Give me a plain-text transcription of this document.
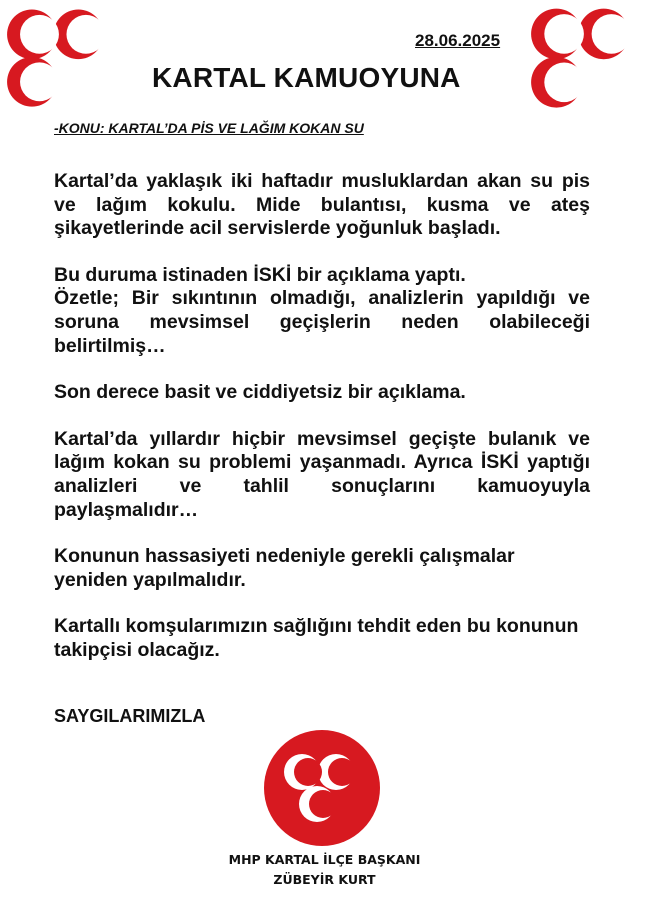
28.06.2025
KARTAL KAMUOYUNA
-KONU: KARTAL’DA PİS VE LAĞIM KOKAN SU

Kartal’da yaklaşık iki haftadır musluklardan akan su pis ve lağım kokulu. Mide bulantısı, kusma ve ateş şikayetlerinde acil servislerde yoğunluk başladı.

Bu duruma istinaden İSKİ bir açıklama yaptı.
Özetle; Bir sıkıntının olmadığı, analizlerin yapıldığı ve soruna mevsimsel geçişlerin neden olabileceği belirtilmiş…

Son derece basit ve ciddiyetsiz bir açıklama.

Kartal’da yıllardır hiçbir mevsimsel geçişte bulanık ve lağım kokan su problemi yaşanmadı. Ayrıca İSKİ yaptığı analizleri ve tahlil sonuçlarını kamuoyuyla paylaşmalıdır…

Konunun hassasiyeti nedeniyle gerekli çalışmalar yeniden yapılmalıdır.

Kartallı komşularımızın sağlığını tehdit eden bu konunun takipçisi olacağız.

SAYGILARIMIZLA
MHP KARTAL İLÇE BAŞKANI
ZÜBEYİR KURT
